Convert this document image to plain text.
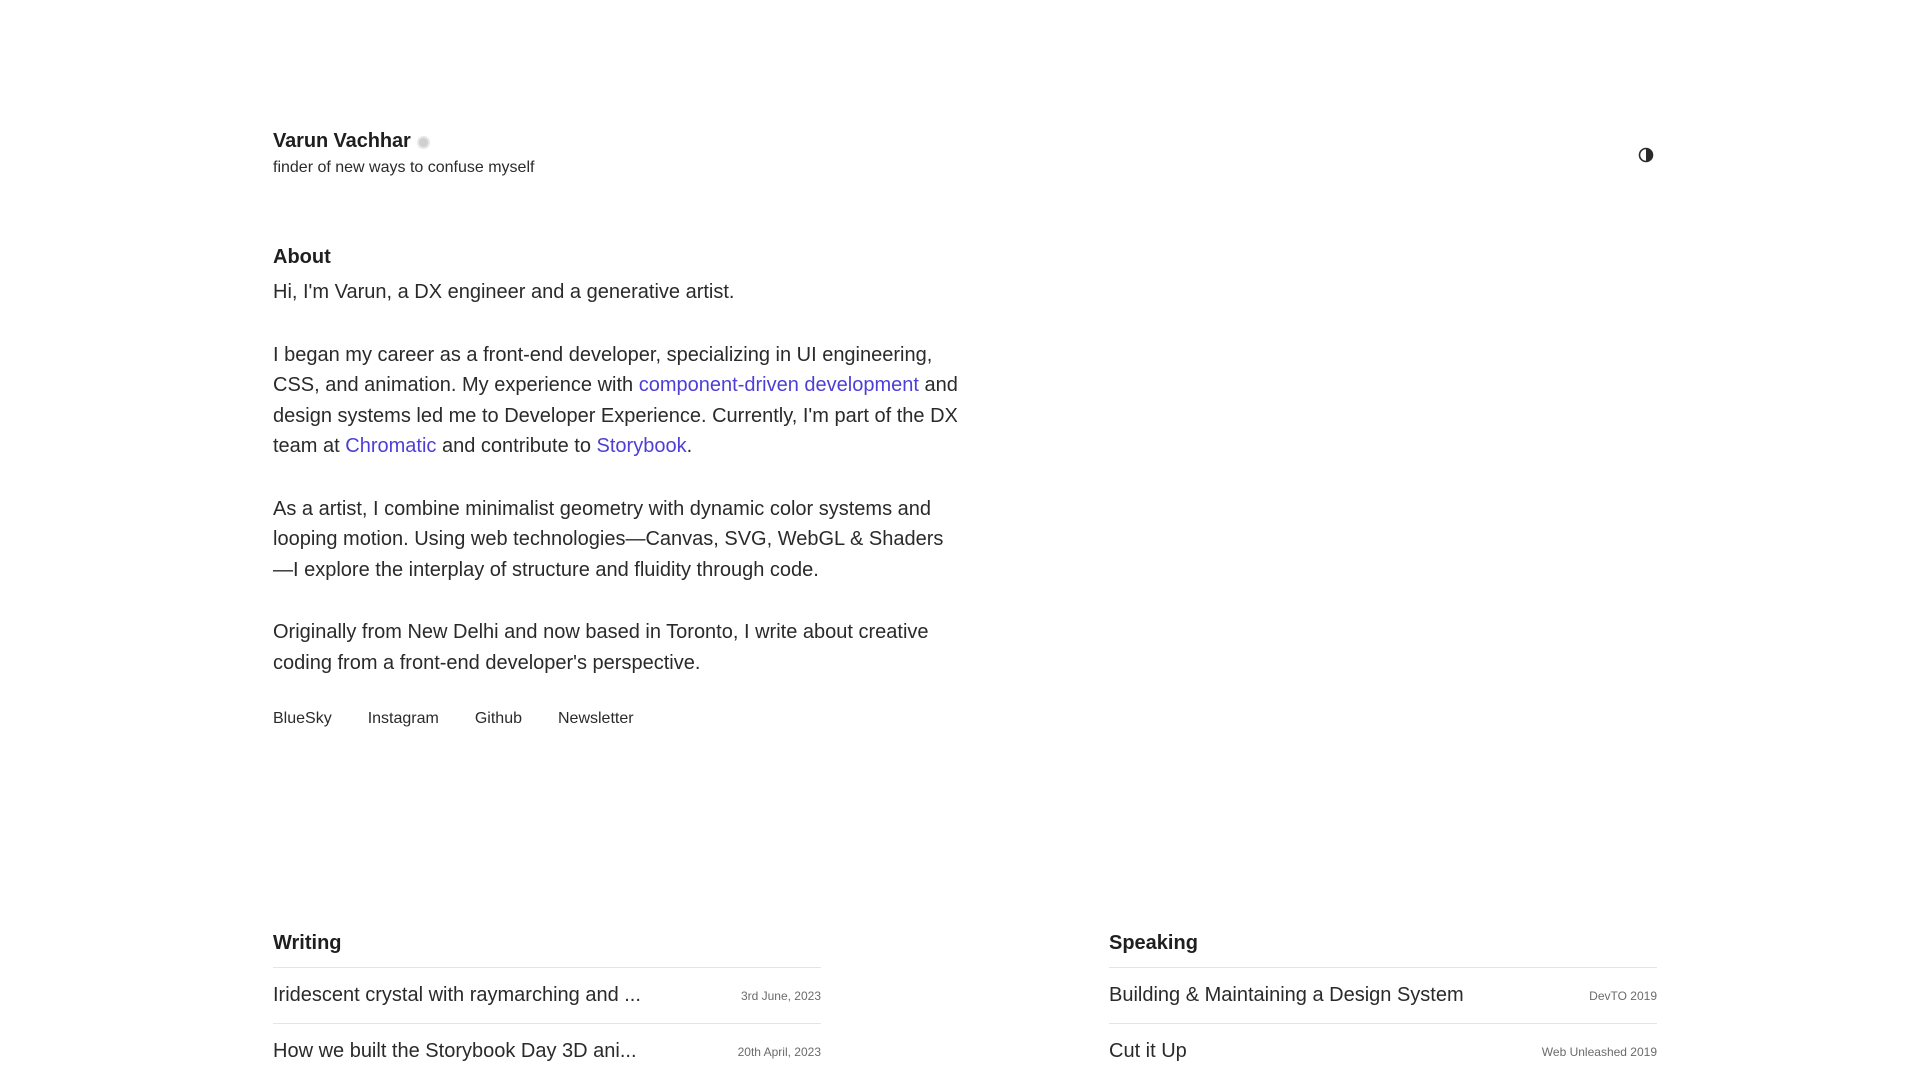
Varun Vachhar
finder of new ways to confuse myself
About

Hi, I'm Varun, a DX engineer and a generative artist.

I began my career as a front-end developer, specializing in UI engineering, CSS, and animation. My experience with component-driven development and design systems led me to Developer Experience. Currently, I'm part of the DX team at Chromatic and contribute to Storybook.

As a artist, I combine minimalist geometry with dynamic color systems and looping motion. Using web technologies—Canvas, SVG, WebGL & Shaders—I explore the interplay of structure and fluidity through code.

Originally from New Delhi and now based in Toronto, I write about creative coding from a front-end developer's perspective.

BlueSky Instagram Github Newsletter
Writing
Iridescent crystal with raymarching and ...	3rd June, 2023
How we built the Storybook Day 3D ani...	20th April, 2023
Speaking
Building & Maintaining a Design System	DevTO 2019
Cut it Up	Web Unleashed 2019
